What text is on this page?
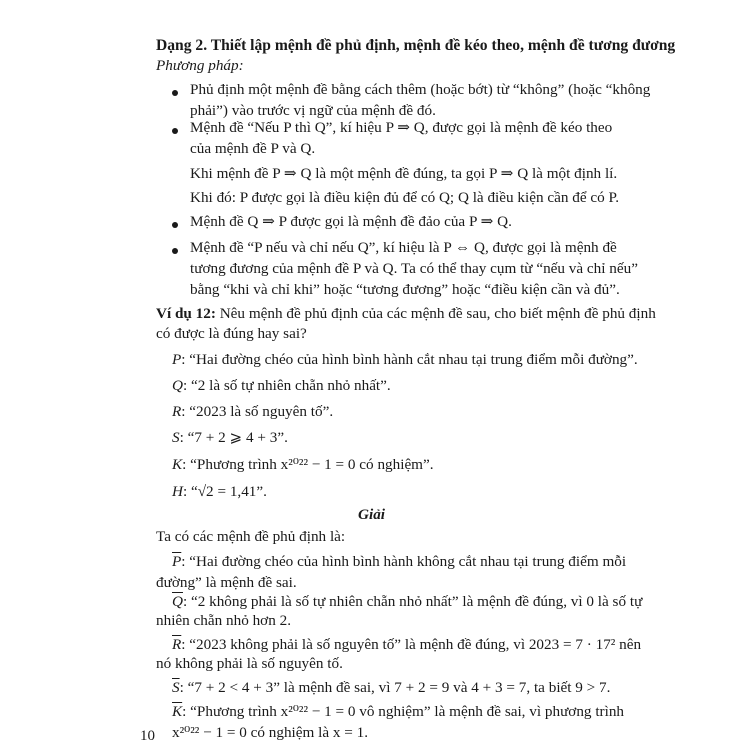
Dạng 2. Thiết lập mệnh đề phủ định, mệnh đề kéo theo, mệnh đề tương đương
Phương pháp:
Phủ định một mệnh đề bằng cách thêm (hoặc bớt) từ “không” (hoặc “không
phải”) vào trước vị ngữ của mệnh đề đó.
Mệnh đề “Nếu P thì Q”, kí hiệu P ⇒ Q, được gọi là mệnh đề kéo theo
của mệnh đề P và Q.
Khi mệnh đề P ⇒ Q là một mệnh đề đúng, ta gọi P ⇒ Q là một định lí.
Khi đó: P được gọi là điều kiện đủ để có Q; Q là điều kiện cần để có P.
Mệnh đề Q ⇒ P được gọi là mệnh đề đảo của P ⇒ Q.
Mệnh đề “P nếu và chỉ nếu Q”, kí hiệu là P ⇔ Q, được gọi là mệnh đề
tương đương của mệnh đề P và Q. Ta có thể thay cụm từ “nếu và chỉ nếu”
bằng “khi và chỉ khi” hoặc “tương đương” hoặc “điều kiện cần và đủ”.
Ví dụ 12: Nêu mệnh đề phủ định của các mệnh đề sau, cho biết mệnh đề phủ định
có được là đúng hay sai?
P: “Hai đường chéo của hình bình hành cắt nhau tại trung điểm mỗi đường”.
Q: “2 là số tự nhiên chẵn nhỏ nhất”.
R: “2023 là số nguyên tố”.
S: “7 + 2 ⩾ 4 + 3”.
K: “Phương trình x²⁰²² − 1 = 0 có nghiệm”.
H: “√2 = 1,41”.
Giải
Ta có các mệnh đề phủ định là:
$\overline{P}$: “Hai đường chéo của hình bình hành không cắt nhau tại trung điểm mỗi
đường” là mệnh đề sai.
$\overline{Q}$: “2 không phải là số tự nhiên chẵn nhỏ nhất” là mệnh đề đúng, vì 0 là số tự
nhiên chẵn nhỏ hơn 2.
$\overline{R}$: “2023 không phải là số nguyên tố” là mệnh đề đúng, vì 2023 = 7 · 17² nên
nó không phải là số nguyên tố.
10
$\overline{S}$: “7 + 2 < 4 + 3” là mệnh đề sai, vì 7 + 2 = 9 và 4 + 3 = 7, ta biết 9 > 7.
$\overline{K}$: “Phương trình x²⁰²² − 1 = 0 vô nghiệm” là mệnh đề sai, vì phương trình
x²⁰²² − 1 = 0 có nghiệm là x = 1.
